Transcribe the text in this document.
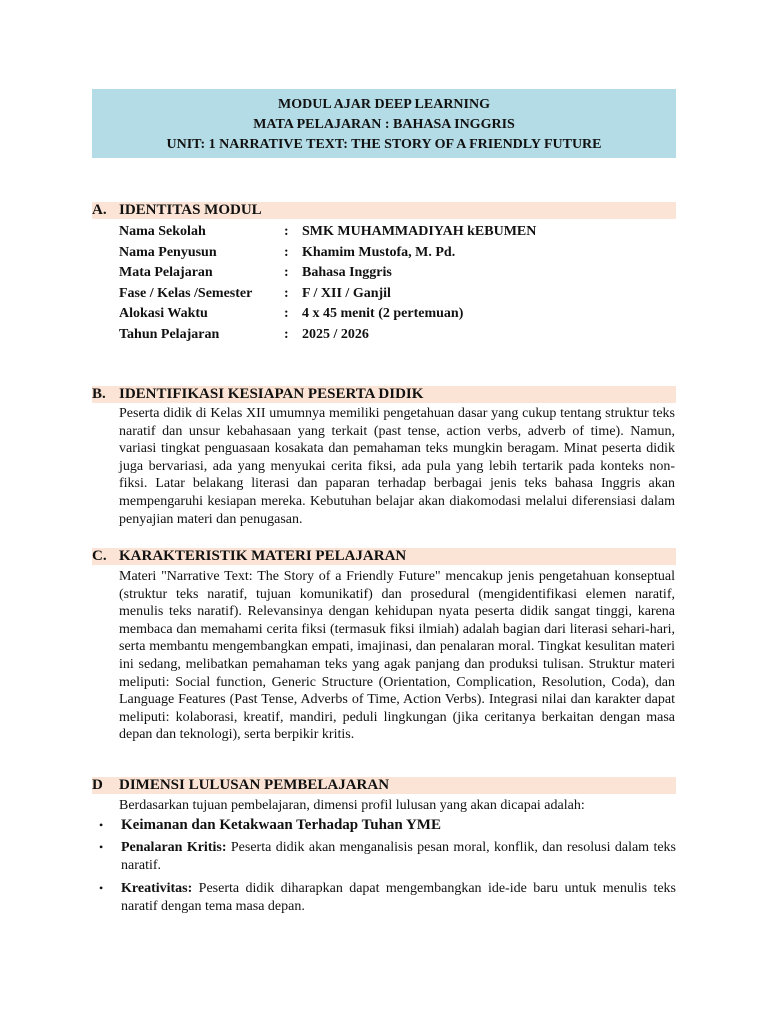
MODUL AJAR DEEP LEARNING
MATA PELAJARAN : BAHASA INGGRIS
UNIT: 1 NARRATIVE TEXT: THE STORY OF A FRIENDLY FUTURE
A. IDENTITAS MODUL
Nama Sekolah	: SMK MUHAMMADIYAH kEBUMEN
Nama Penyusun	: Khamim Mustofa, M. Pd.
Mata Pelajaran	: Bahasa Inggris
Fase / Kelas /Semester : F / XII / Ganjil
Alokasi Waktu	: 4 x 45 menit (2 pertemuan)
Tahun Pelajaran	: 2025 / 2026
B. IDENTIFIKASI KESIAPAN PESERTA DIDIK
Peserta didik di Kelas XII umumnya memiliki pengetahuan dasar yang cukup tentang struktur teks naratif dan unsur kebahasaan yang terkait (past tense, action verbs, adverb of time). Namun, variasi tingkat penguasaan kosakata dan pemahaman teks mungkin beragam. Minat peserta didik juga bervariasi, ada yang menyukai cerita fiksi, ada pula yang lebih tertarik pada konteks non-fiksi. Latar belakang literasi dan paparan terhadap berbagai jenis teks bahasa Inggris akan mempengaruhi kesiapan mereka. Kebutuhan belajar akan diakomodasi melalui diferensiasi dalam penyajian materi dan penugasan.
C. KARAKTERISTIK MATERI PELAJARAN
Materi "Narrative Text: The Story of a Friendly Future" mencakup jenis pengetahuan konseptual (struktur teks naratif, tujuan komunikatif) dan prosedural (mengidentifikasi elemen naratif, menulis teks naratif). Relevansinya dengan kehidupan nyata peserta didik sangat tinggi, karena membaca dan memahami cerita fiksi (termasuk fiksi ilmiah) adalah bagian dari literasi sehari-hari, serta membantu mengembangkan empati, imajinasi, dan penalaran moral. Tingkat kesulitan materi ini sedang, melibatkan pemahaman teks yang agak panjang dan produksi tulisan. Struktur materi meliputi: Social function, Generic Structure (Orientation, Complication, Resolution, Coda), dan Language Features (Past Tense, Adverbs of Time, Action Verbs). Integrasi nilai dan karakter dapat meliputi: kolaborasi, kreatif, mandiri, peduli lingkungan (jika ceritanya berkaitan dengan masa depan dan teknologi), serta berpikir kritis.
D DIMENSI LULUSAN PEMBELAJARAN
Berdasarkan tujuan pembelajaran, dimensi profil lulusan yang akan dicapai adalah:
• Keimanan dan Ketakwaan Terhadap Tuhan YME
• Penalaran Kritis: Peserta didik akan menganalisis pesan moral, konflik, dan resolusi dalam teks naratif.
• Kreativitas: Peserta didik diharapkan dapat mengembangkan ide-ide baru untuk menulis teks naratif dengan tema masa depan.
